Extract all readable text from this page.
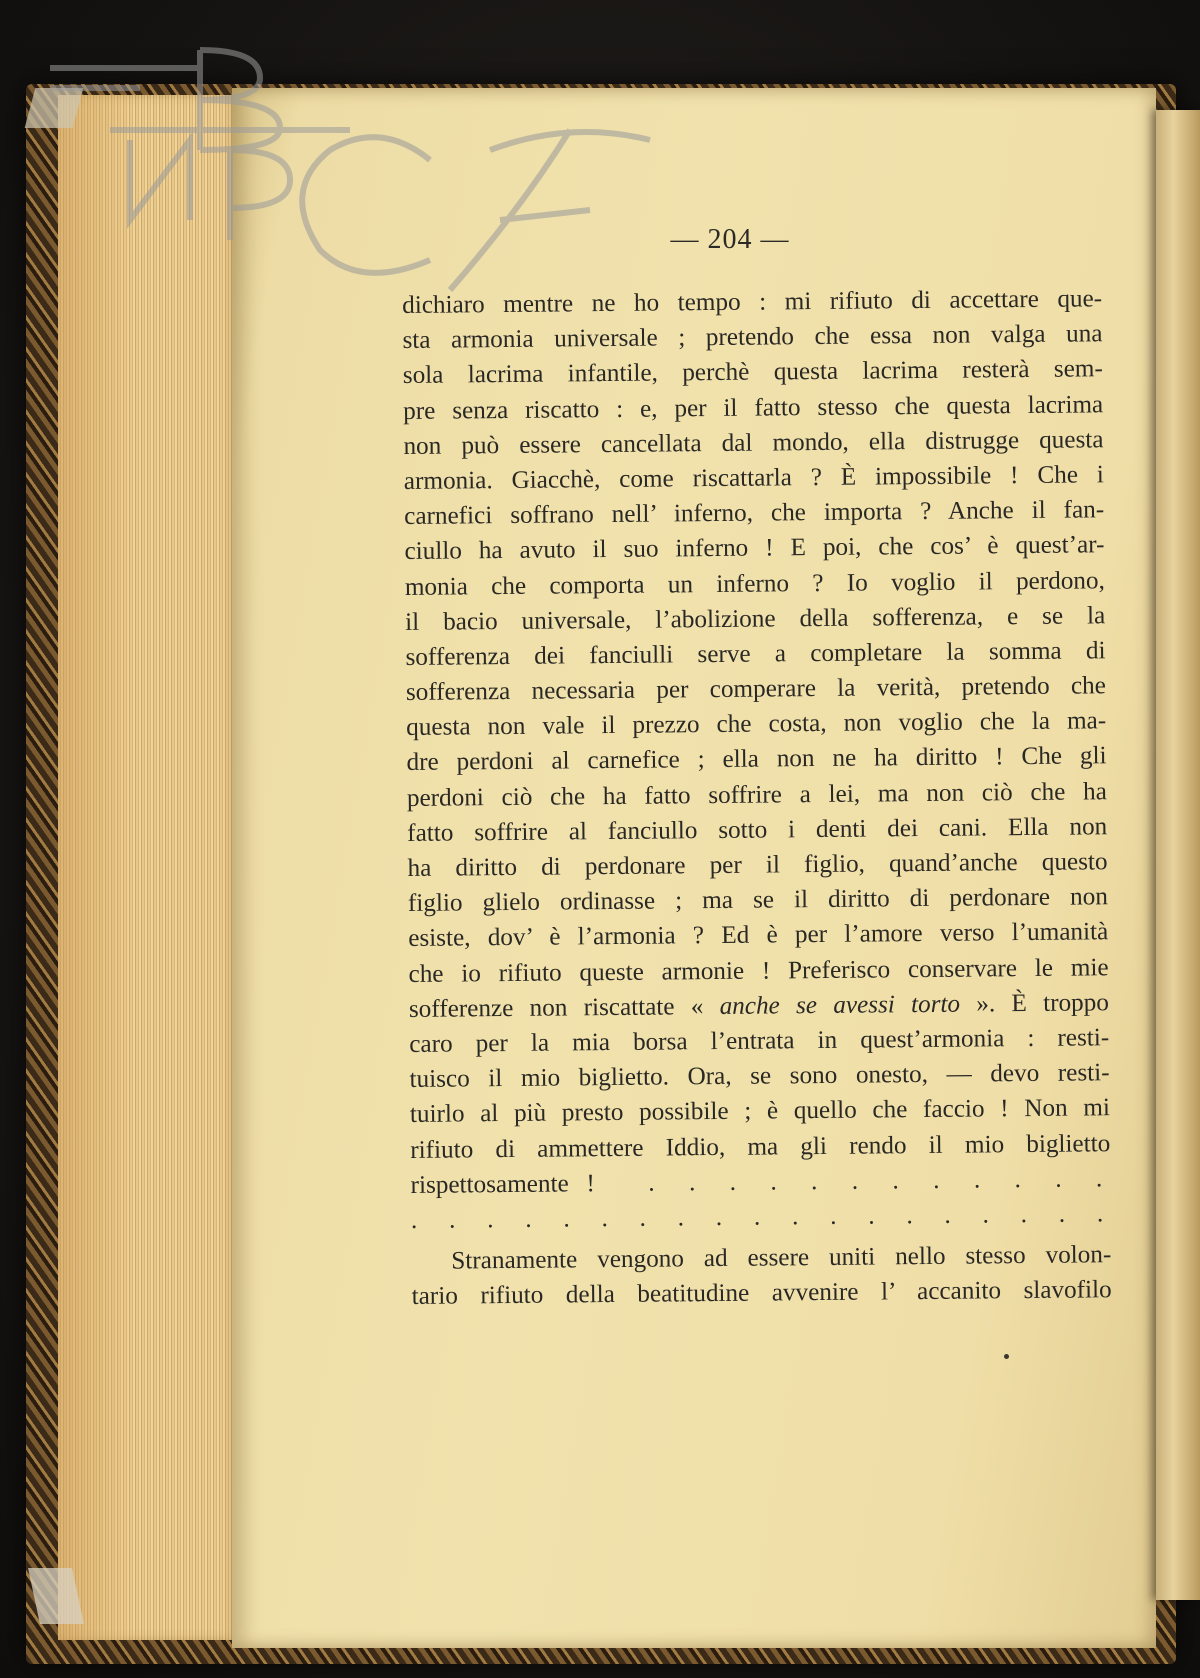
— 204 —
dichiaro mentre ne ho tempo : mi rifiuto di accettare que-
sta armonia universale ; pretendo che essa non valga una
sola lacrima infantile, perchè questa lacrima resterà sem-
pre senza riscatto : e, per il fatto stesso che questa lacrima
non può essere cancellata dal mondo, ella distrugge questa
armonia. Giacchè, come riscattarla ? È impossibile ! Che i
carnefici soffrano nell’ inferno, che importa ? Anche il fan-
ciullo ha avuto il suo inferno ! E poi, che cos’ è quest’ar-
monia che comporta un inferno ? Io voglio il perdono,
il bacio universale, l’abolizione della sofferenza, e se la
sofferenza dei fanciulli serve a completare la somma di
sofferenza necessaria per comperare la verità, pretendo che
questa non vale il prezzo che costa, non voglio che la ma-
dre perdoni al carnefice ; ella non ne ha diritto ! Che gli
perdoni ciò che ha fatto soffrire a lei, ma non ciò che ha
fatto soffrire al fanciullo sotto i denti dei cani. Ella non
ha diritto di perdonare per il figlio, quand’anche questo
figlio glielo ordinasse ; ma se il diritto di perdonare non
esiste, dov’ è l’armonia ? Ed è per l’amore verso l’umanità
che io rifiuto queste armonie ! Preferisco conservare le mie
sofferenze non riscattate « anche se avessi torto ». È troppo
caro per la mia borsa l’entrata in quest’armonia : resti-
tuisco il mio biglietto. Ora, se sono onesto, — devo resti-
tuirlo al più presto possibile ; è quello che faccio ! Non mi
rifiuto di ammettere Iddio, ma gli rendo il mio biglietto
rispettosamente ! . . . . . . . . . . . .
. . . . . . . . . . . . . . . . . . .
Stranamente vengono ad essere uniti nello stesso volon-
tario rifiuto della beatitudine avvenire l’ accanito slavofilo
